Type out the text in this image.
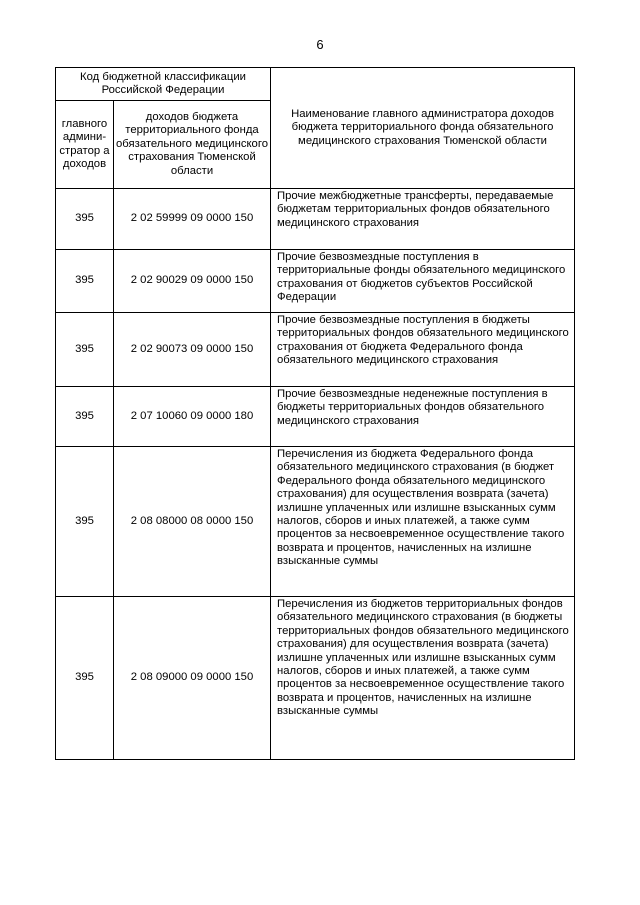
6
Код бюджетной классификации Российской Федерации		Наименование главного администратора доходов бюджета территориального фонда обязательного медицинского страхования Тюменской области
главного админи-стратор а доходов	доходов бюджета территориального фонда обязательного медицинского страхования Тюменской области	
395	2 02 59999 09 0000 150	Прочие межбюджетные трансферты, передаваемые бюджетам территориальных фондов обязательного медицинского страхования
395	2 02 90029 09 0000 150	Прочие безвозмездные поступления в территориальные фонды обязательного медицинского страхования от бюджетов субъектов Российской Федерации
395	2 02 90073 09 0000 150	Прочие безвозмездные поступления в бюджеты территориальных фондов обязательного медицинского страхования от бюджета Федерального фонда обязательного медицинского страхования
395	2 07 10060 09 0000 180	Прочие безвозмездные неденежные поступления в бюджеты территориальных фондов обязательного медицинского страхования
395	2 08 08000 08 0000 150	Перечисления из бюджета Федерального фонда обязательного медицинского страхования (в бюджет Федерального фонда обязательного медицинского страхования) для осуществления возврата (зачета) излишне уплаченных или излишне взысканных сумм налогов, сборов и иных платежей, а также сумм процентов за несвоевременное осуществление такого возврата и процентов, начисленных на излишне взысканные суммы
395	2 08 09000 09 0000 150	Перечисления из бюджетов территориальных фондов обязательного медицинского страхования (в бюджеты территориальных фондов обязательного медицинского страхования) для осуществления возврата (зачета) излишне уплаченных или излишне взысканных сумм налогов, сборов и иных платежей, а также сумм процентов за несвоевременное осуществление такого возврата и процентов, начисленных на излишне взысканные суммы
